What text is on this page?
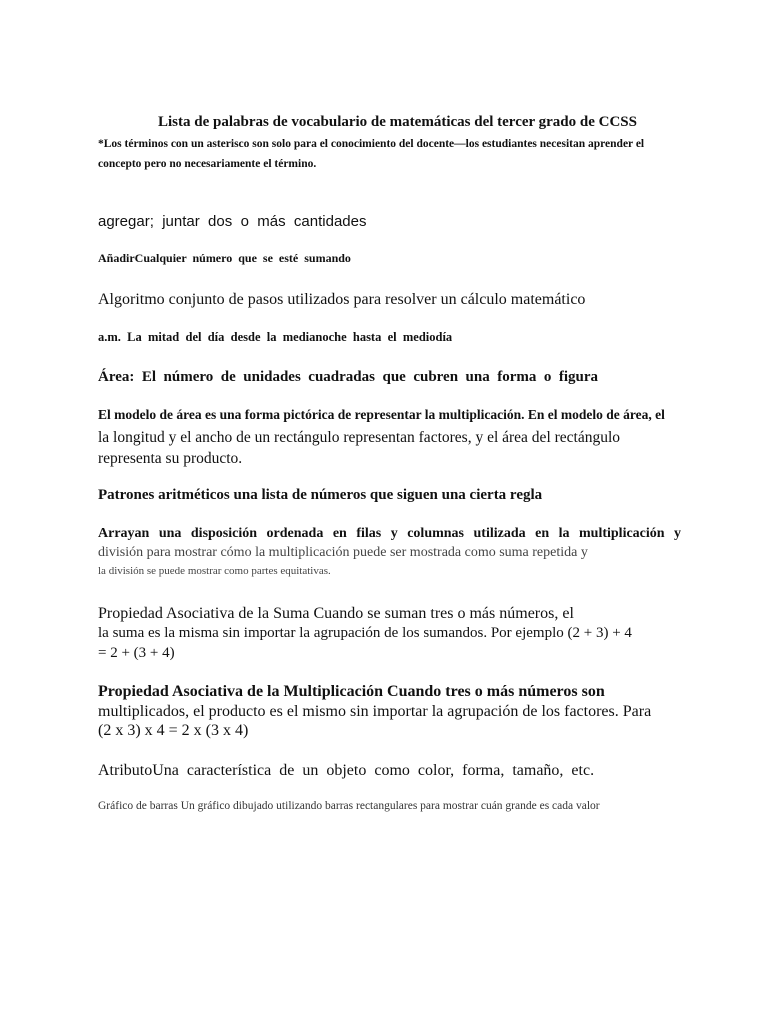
Lista de palabras de vocabulario de matemáticas del tercer grado de CCSS
*Los términos con un asterisco son solo para el conocimiento del docente—los estudiantes necesitan aprender el
concepto pero no necesariamente el término.
agregar;  juntar  dos  o  más  cantidades
AñadirCualquier  número  que  se  esté  sumando
Algoritmo conjunto de pasos utilizados para resolver un cálculo matemático
a.m.  La  mitad  del  día  desde  la  medianoche  hasta  el  mediodía
Área:  El  número  de  unidades  cuadradas  que  cubren  una  forma  o  figura
El modelo de área es una forma pictórica de representar la multiplicación. En el modelo de área, el
la longitud y el ancho de un rectángulo representan factores, y el área del rectángulo
representa su producto.
Patrones aritméticos una lista de números que siguen una cierta regla
Arrayan una disposición ordenada en filas y columnas utilizada en la multiplicación y
división para mostrar cómo la multiplicación puede ser mostrada como suma repetida y
la división se puede mostrar como partes equitativas.
Propiedad Asociativa de la Suma Cuando se suman tres o más números, el
la suma es la misma sin importar la agrupación de los sumandos. Por ejemplo (2 + 3) + 4
= 2 + (3 + 4)
Propiedad Asociativa de la Multiplicación Cuando tres o más números son
multiplicados, el producto es el mismo sin importar la agrupación de los factores. Para
(2 x 3) x 4 = 2 x (3 x 4)
AtributoUna  característica  de  un  objeto  como  color,  forma,  tamaño,  etc.
Gráfico de barras Un gráfico dibujado utilizando barras rectangulares para mostrar cuán grande es cada valor
